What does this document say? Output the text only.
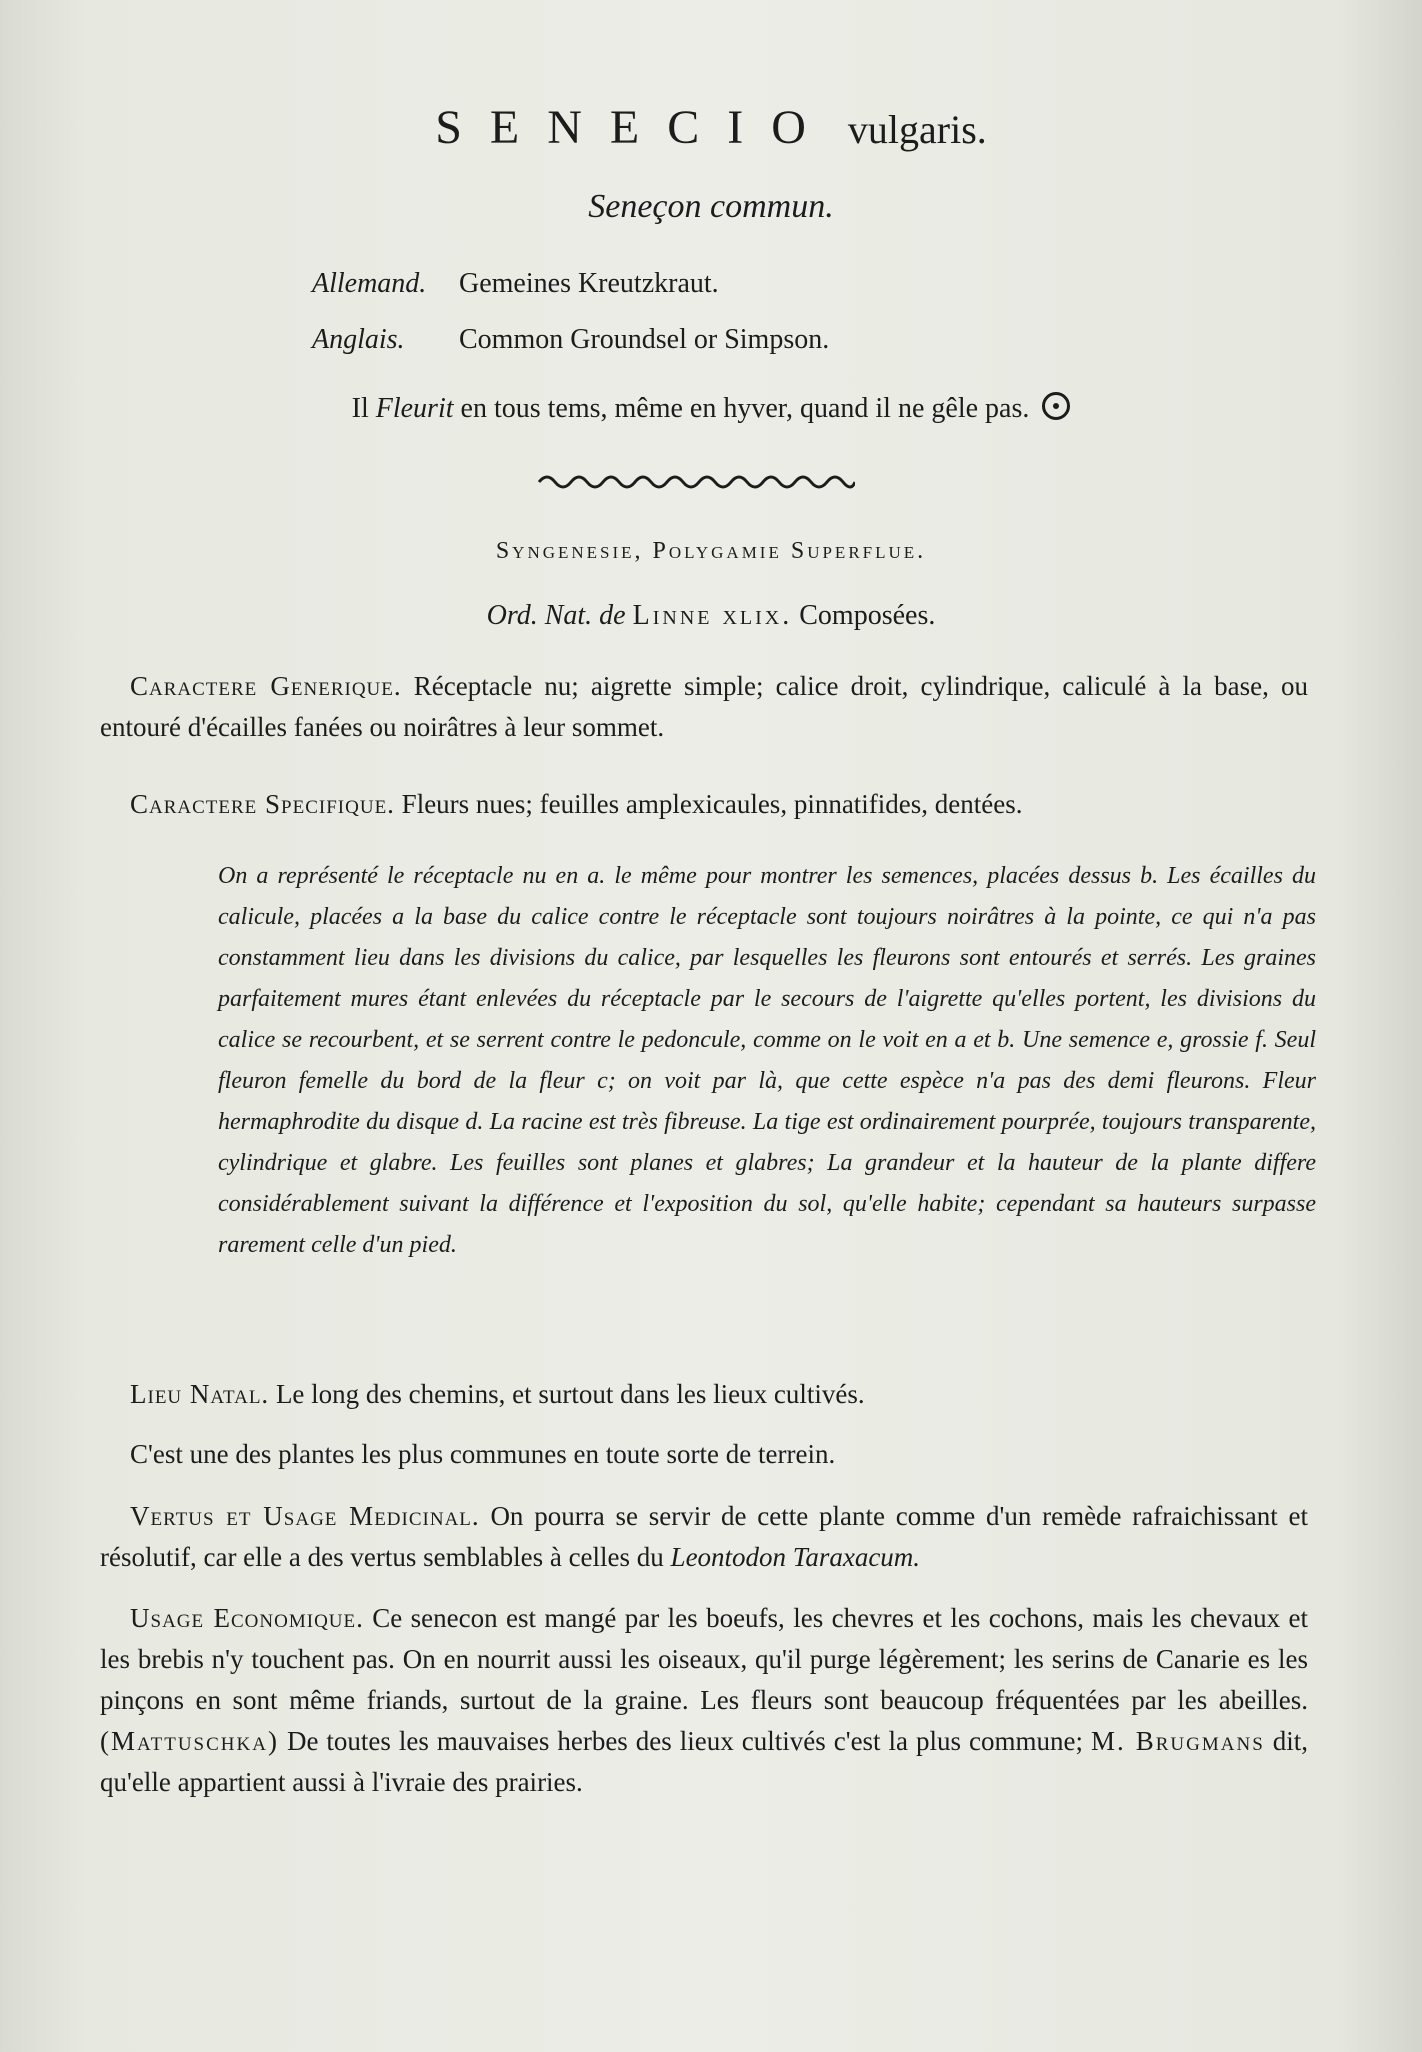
SENECIO vulgaris.
Seneçon commun.
Allemand. Gemeines Kreutzkraut.
Anglais. Common Groundsel or Simpson.
Il Fleurit en tous tems, même en hyver, quand il ne gêle pas.
Syngenesie, Polygamie Superflue.
Ord. Nat. de Linne xlix. Composées.
Caractere Generique. Réceptacle nu; aigrette simple; calice droit, cylindrique, caliculé à la base, ou entouré d'écailles fanées ou noirâtres à leur sommet.
Caractere Specifique. Fleurs nues; feuilles amplexicaules, pinnatifides, dentées.
On a représenté le réceptacle nu en a. le même pour montrer les semences, placées dessus b. Les écailles du calicule, placées a la base du calice contre le réceptacle sont toujours noirâtres à la pointe, ce qui n'a pas constamment lieu dans les divisions du calice, par lesquelles les fleurons sont entourés et serrés. Les graines parfaitement mures étant enlevées du réceptacle par le secours de l'aigrette qu'elles portent, les divisions du calice se recourbent, et se serrent contre le pedoncule, comme on le voit en a et b. Une semence e, grossie f. Seul fleuron femelle du bord de la fleur c; on voit par là, que cette espèce n'a pas des demi fleurons. Fleur hermaphrodite du disque d. La racine est très fibreuse. La tige est ordinairement pourprée, toujours transparente, cylindrique et glabre. Les feuilles sont planes et glabres; La grandeur et la hauteur de la plante differe considérablement suivant la différence et l'exposition du sol, qu'elle habite; cependant sa hauteurs surpasse rarement celle d'un pied.
Lieu Natal. Le long des chemins, et surtout dans les lieux cultivés.
C'est une des plantes les plus communes en toute sorte de terrein.
Vertus et Usage Medicinal. On pourra se servir de cette plante comme d'un remède rafraichissant et résolutif, car elle a des vertus semblables à celles du Leontodon Taraxacum.
Usage Economique. Ce senecon est mangé par les boeufs, les chevres et les cochons, mais les chevaux et les brebis n'y touchent pas. On en nourrit aussi les oiseaux, qu'il purge légèrement; les serins de Canarie es les pinçons en sont même friands, surtout de la graine. Les fleurs sont beaucoup fréquentées par les abeilles. (Mattuschka) De toutes les mauvaises herbes des lieux cultivés c'est la plus commune; M. Brugmans dit, qu'elle appartient aussi à l'ivraie des prairies.
